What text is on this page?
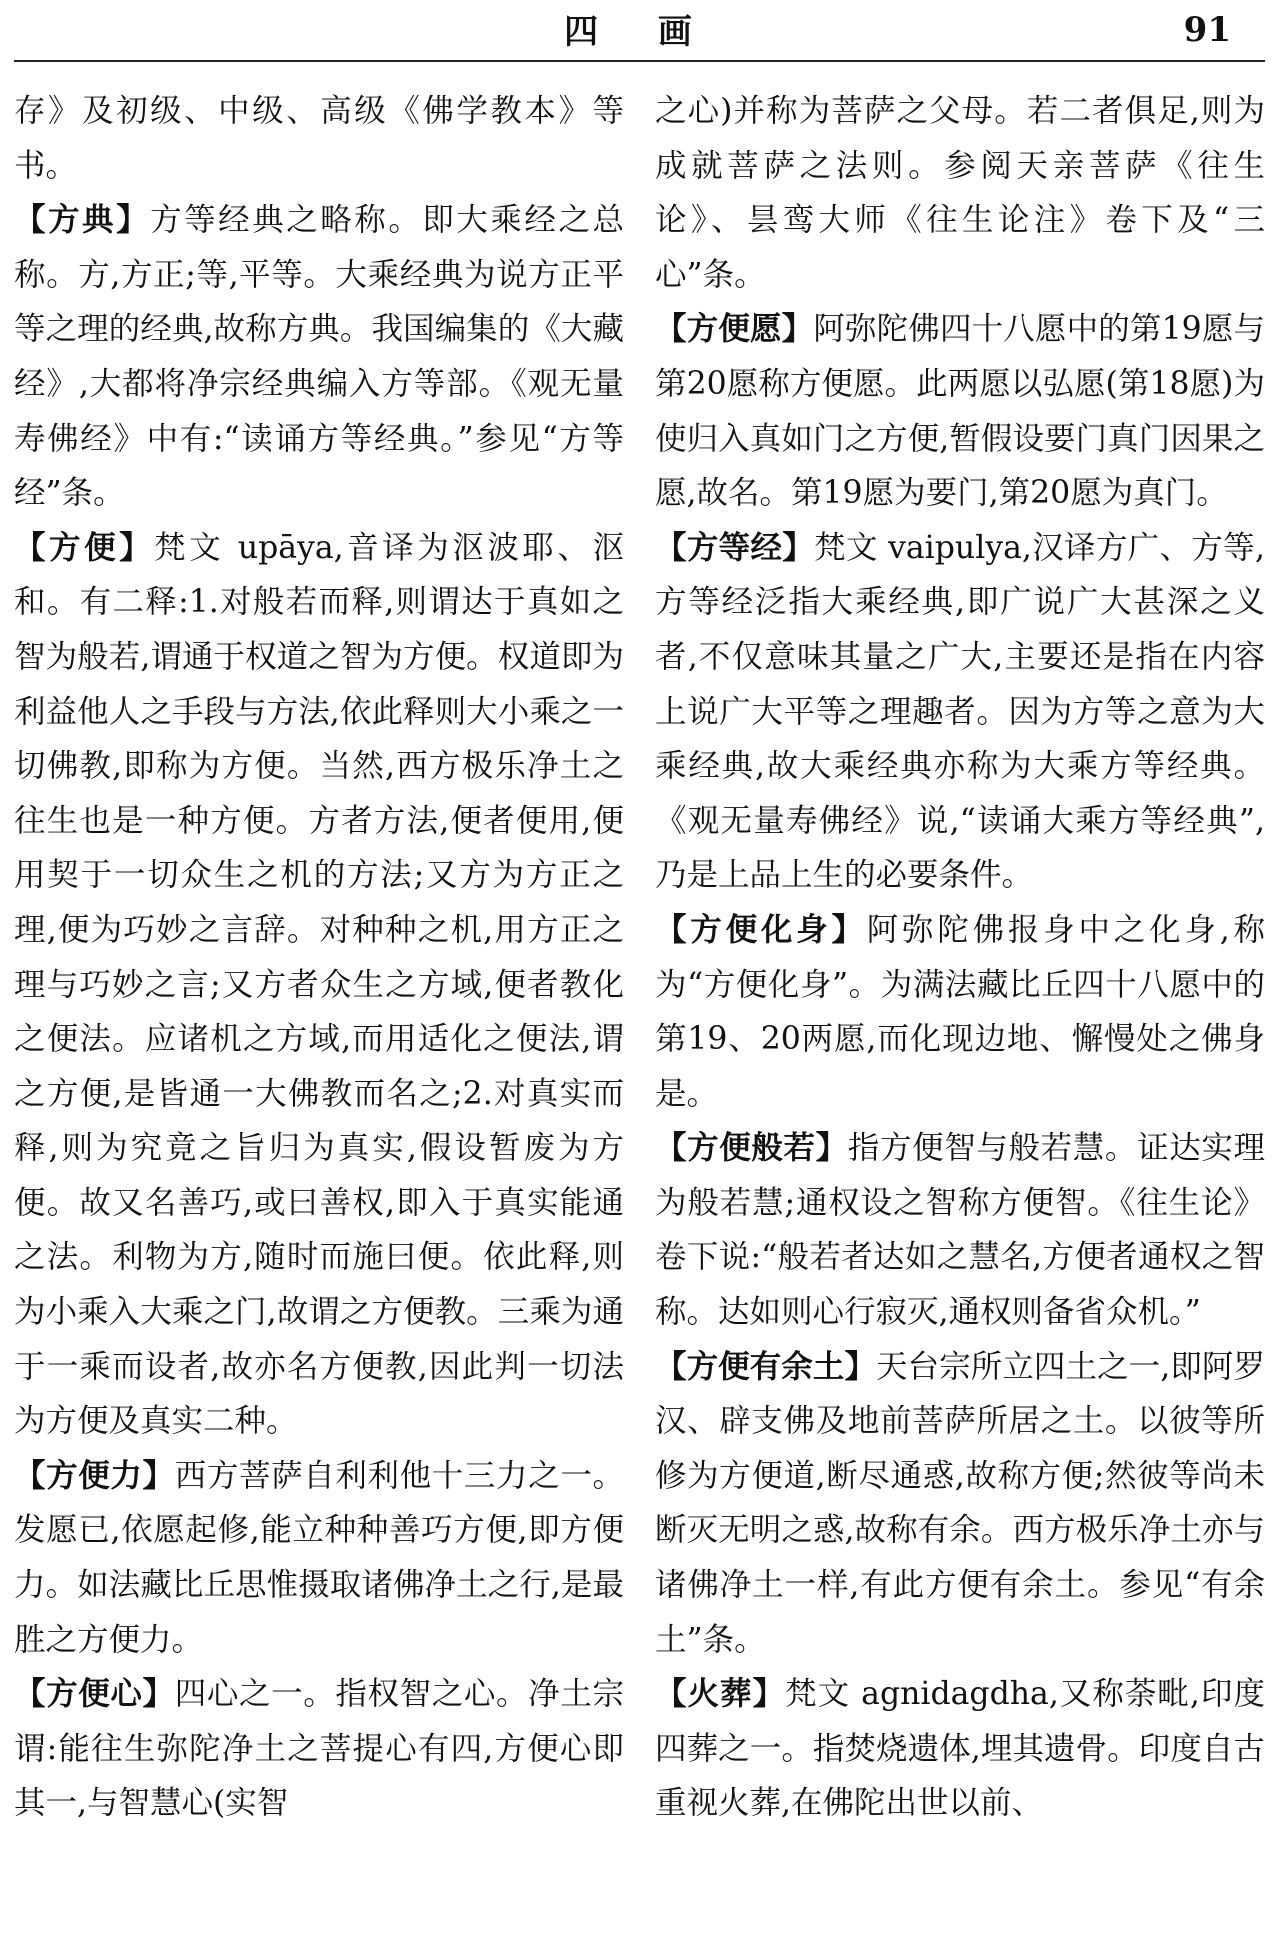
四 画	91

存》及初级、中级、高级《佛学教本》等书。

【方典】方等经典之略称。即大乘经之总称。方,方正;等,平等。大乘经典为说方正平等之理的经典,故称方典。我国编集的《大藏经》,大都将净宗经典编入方等部。《观无量寿佛经》中有:“读诵方等经典。”参见“方等经”条。

【方便】梵文 upāya,音译为沤波耶、沤和。有二释:1.对般若而释,则谓达于真如之智为般若,谓通于权道之智为方便。权道即为利益他人之手段与方法,依此释则大小乘之一切佛教,即称为方便。当然,西方极乐净土之往生也是一种方便。方者方法,便者便用,便用契于一切众生之机的方法;又方为方正之理,便为巧妙之言辞。对种种之机,用方正之理与巧妙之言;又方者众生之方域,便者教化之便法。应诸机之方域,而用适化之便法,谓之方便,是皆通一大佛教而名之;2.对真实而释,则为究竟之旨归为真实,假设暂废为方便。故又名善巧,或曰善权,即入于真实能通之法。利物为方,随时而施曰便。依此释,则为小乘入大乘之门,故谓之方便教。三乘为通于一乘而设者,故亦名方便教,因此判一切法为方便及真实二种。

【方便力】西方菩萨自利利他十三力之一。发愿已,依愿起修,能立种种善巧方便,即方便力。如法藏比丘思惟摄取诸佛净土之行,是最胜之方便力。

【方便心】四心之一。指权智之心。净土宗谓:能往生弥陀净土之菩提心有四,方便心即其一,与智慧心(实智

之心)并称为菩萨之父母。若二者俱足,则为成就菩萨之法则。参阅天亲菩萨《往生论》、昙鸾大师《往生论注》卷下及“三心”条。

【方便愿】阿弥陀佛四十八愿中的第19愿与第20愿称方便愿。此两愿以弘愿(第18愿)为使归入真如门之方便,暂假设要门真门因果之愿,故名。第19愿为要门,第20愿为真门。

【方等经】梵文 vaipulya,汉译方广、方等,方等经泛指大乘经典,即广说广大甚深之义者,不仅意味其量之广大,主要还是指在内容上说广大平等之理趣者。因为方等之意为大乘经典,故大乘经典亦称为大乘方等经典。《观无量寿佛经》说,“读诵大乘方等经典”,乃是上品上生的必要条件。

【方便化身】阿弥陀佛报身中之化身,称为“方便化身”。为满法藏比丘四十八愿中的第19、20两愿,而化现边地、懈慢处之佛身是。

【方便般若】指方便智与般若慧。证达实理为般若慧;通权设之智称方便智。《往生论》卷下说:“般若者达如之慧名,方便者通权之智称。达如则心行寂灭,通权则备省众机。”

【方便有余土】天台宗所立四土之一,即阿罗汉、辟支佛及地前菩萨所居之土。以彼等所修为方便道,断尽通惑,故称方便;然彼等尚未断灭无明之惑,故称有余。西方极乐净土亦与诸佛净土一样,有此方便有余土。参见“有余土”条。

【火葬】梵文 agnidagdha,又称荼毗,印度四葬之一。指焚烧遗体,埋其遗骨。印度自古重视火葬,在佛陀出世以前、
